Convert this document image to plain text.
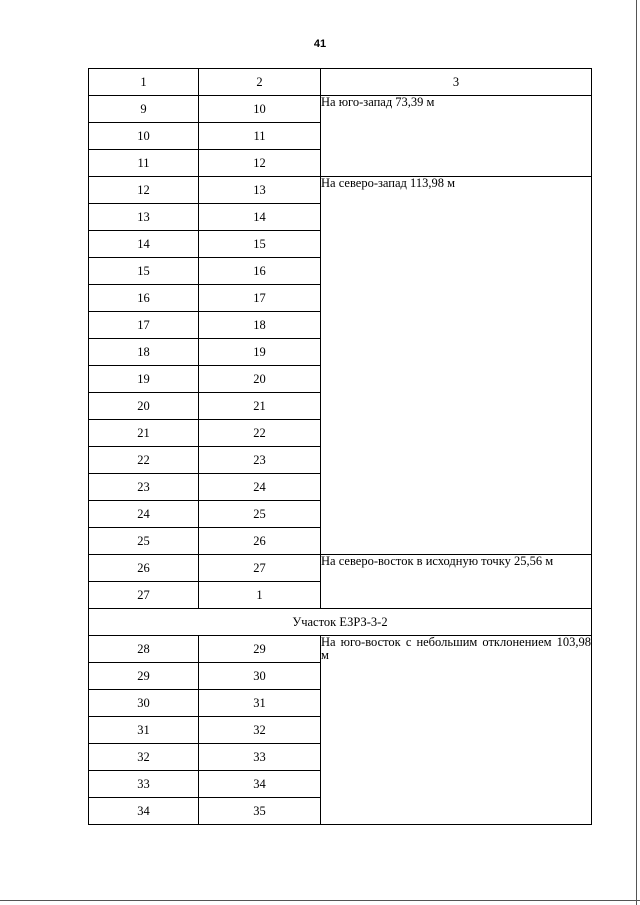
41
1	2	3
9	10	На юго-запад 73,39 м
10	11	
11	12	
12	13	На северо-запад 113,98 м
13	14	
14	15	
15	16	
16	17	
17	18	
18	19	
19	20	
20	21	
21	22	
22	23	
23	24	
24	25	
25	26	
26	27	На северо-восток в исходную точку 25,56 м
27	1	
Участок ЕЗРЗ-3-2		
28	29	На юго-восток с небольшим отклонением 103,98 м
29	30	
30	31	
31	32	
32	33	
33	34	
34	35	
